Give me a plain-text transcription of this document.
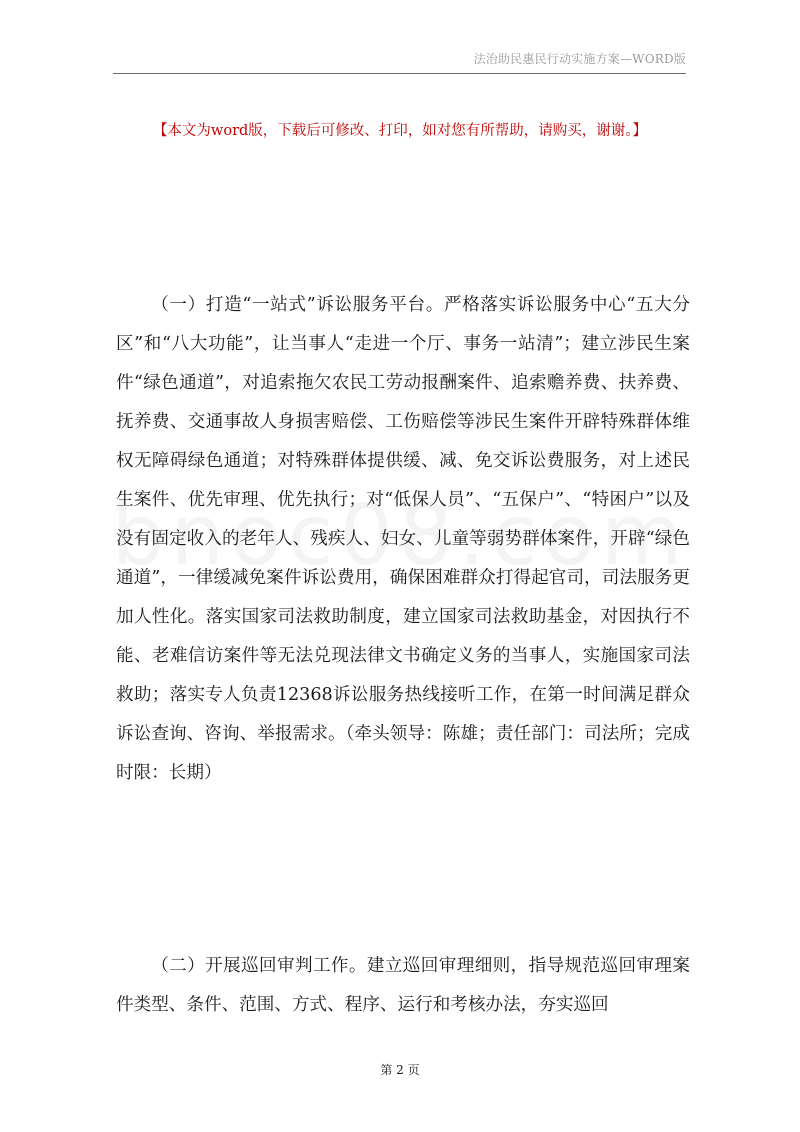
法治助民惠民行动实施方案—WORD版
【本文为word版，下载后可修改、打印，如对您有所帮助，请购买，谢谢。】

（一）打造“一站式”诉讼服务平台。严格落实诉讼服务中心“五大分区”和“八大功能”，让当事人“走进一个厅、事务一站清”；建立涉民生案件“绿色通道”，对追索拖欠农民工劳动报酬案件、追索赡养费、扶养费、抚养费、交通事故人身损害赔偿、工伤赔偿等涉民生案件开辟特殊群体维权无障碍绿色通道；对特殊群体提供缓、减、免交诉讼费服务，对上述民生案件、优先审理、优先执行；对“低保人员”、“五保户”、“特困户”以及没有固定收入的老年人、残疾人、妇女、儿童等弱势群体案件，开辟“绿色通道”，一律缓减免案件诉讼费用，确保困难群众打得起官司，司法服务更加人性化。落实国家司法救助制度，建立国家司法救助基金，对因执行不能、老难信访案件等无法兑现法律文书确定义务的当事人，实施国家司法救助；落实专人负责12368诉讼服务热线接听工作，在第一时间满足群众诉讼查询、咨询、举报需求。（牵头领导：陈雄；责任部门：司法所；完成时限：长期）

（二）开展巡回审判工作。建立巡回审理细则，指导规范巡回审理案件类型、条件、范围、方式、程序、运行和考核办法，夯实巡回

第 2 页
